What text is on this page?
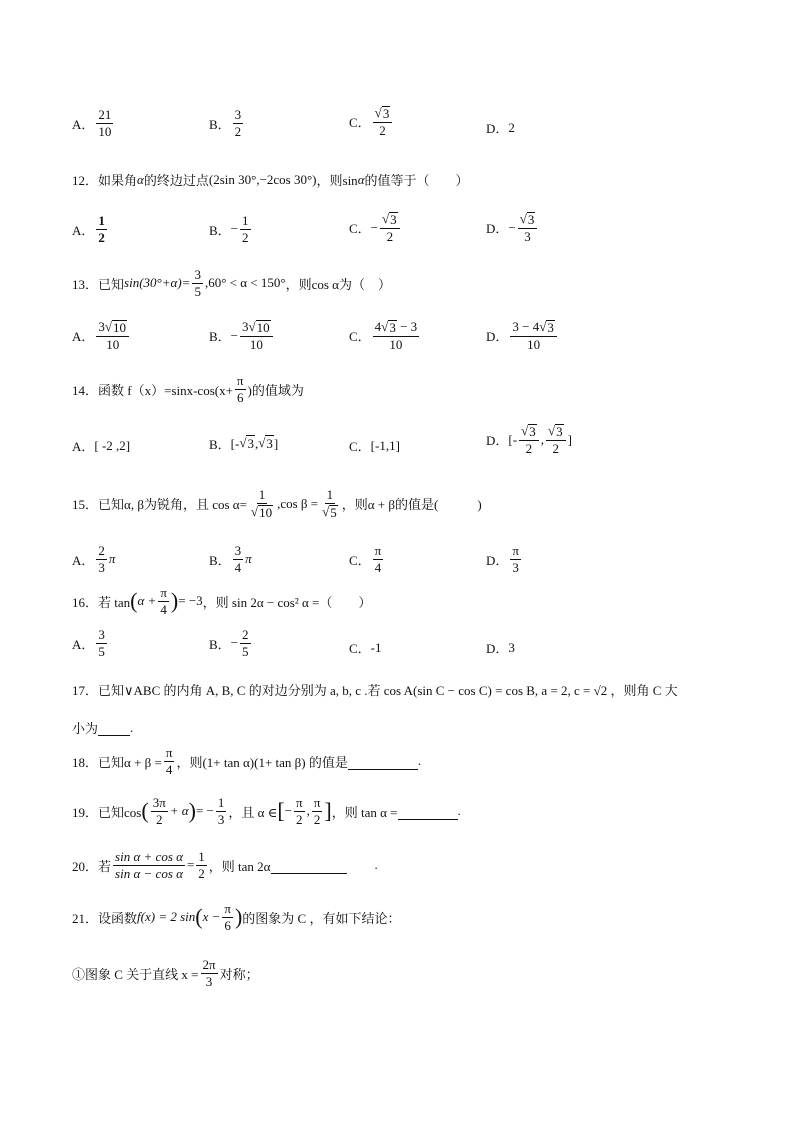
A． $\frac{21}{10}$	B． $\frac{3}{2}$	C． $\frac{√ 3}{2}$	D． 2
12． 如果角 α 的终边过点 (2sin 30°,−2cos 30°) ，则sin α 的值等于（　　）
A． $\frac{1}{2}$	B． − $\frac{1}{2}$	C． − $\frac{√ 3}{2}$	D． − $\frac{√ 3}{3}$
13． 已知 $\sin(30^\circ+\alpha)= \frac{3}{5} ,60^\circ < \alpha < 150^\circ$ ，则cos α为（　）
A． $\frac{3 √ 10}{10}$	B． − $\frac{3 √ 10}{10}$	C． $\frac{4 √ 3 - 3}{10}$	D． $\frac{3 - 4 √ 3}{10}$
14． 函数 $f(x)=\sin x-\cos(x+ \frac{\pi}{6}$ )的值域为
A． [ -2 ,2]	B． [- √ 3 , √ 3 ]	C． [-1,1]	D． [- $\frac{√ 3}{2}$ , $\frac{√ 3}{2}$ ]
15． 已知α, β为锐角，且 $\cos \alpha= \frac{1}{√ 10} ,\cos$ $\beta = \frac{1}{√ 5}$ ，则α + β的值是(　　　)
A． $\frac{2}{3}$ π	B． $\frac{3}{4}$ π	C． $\frac{\pi}{4}$	D． $\frac{\pi}{3}$
16． 若 tan ( $\alpha + \frac{\pi}{4}$ ) = −3 ，则 sin 2α − cos² α =（　　）
A． $\frac{3}{5}$	B． − $\frac{2}{5}$	C． -1	D． 3
17．已知∨ABC 的内角 A, B, C 的对边分别为 a, b, c .若 cos A(sin C − cos C) = cos B, a = 2, c = √2 ，则角 C 大
小为
.
18． 已知$\alpha + \beta = \frac{\pi}{4}$ ，则(1+ tan α)(1+ tan β) 的值是
	.
19． 已知cos ( $\frac{3\pi}{2} + \alpha$ ) = − $\frac{1}{3}$ ，且 α ∈ [ − $\frac{\pi}{2}$ , $\frac{\pi}{2}$ ] ，则 tan α =
	.
20． 若 $\frac{\text{sin α + cos α}}{\text{sin α − cos α}} = \frac{1}{2}$ ，则 tan 2α
	.
21． 设函数 f(x) = 2 sin ( $x - \frac{\pi}{6}$ ) 的图象为 C ，有如下结论：
①图象 C 关于直线 $x = \frac{2\pi}{3}$ 对称；
